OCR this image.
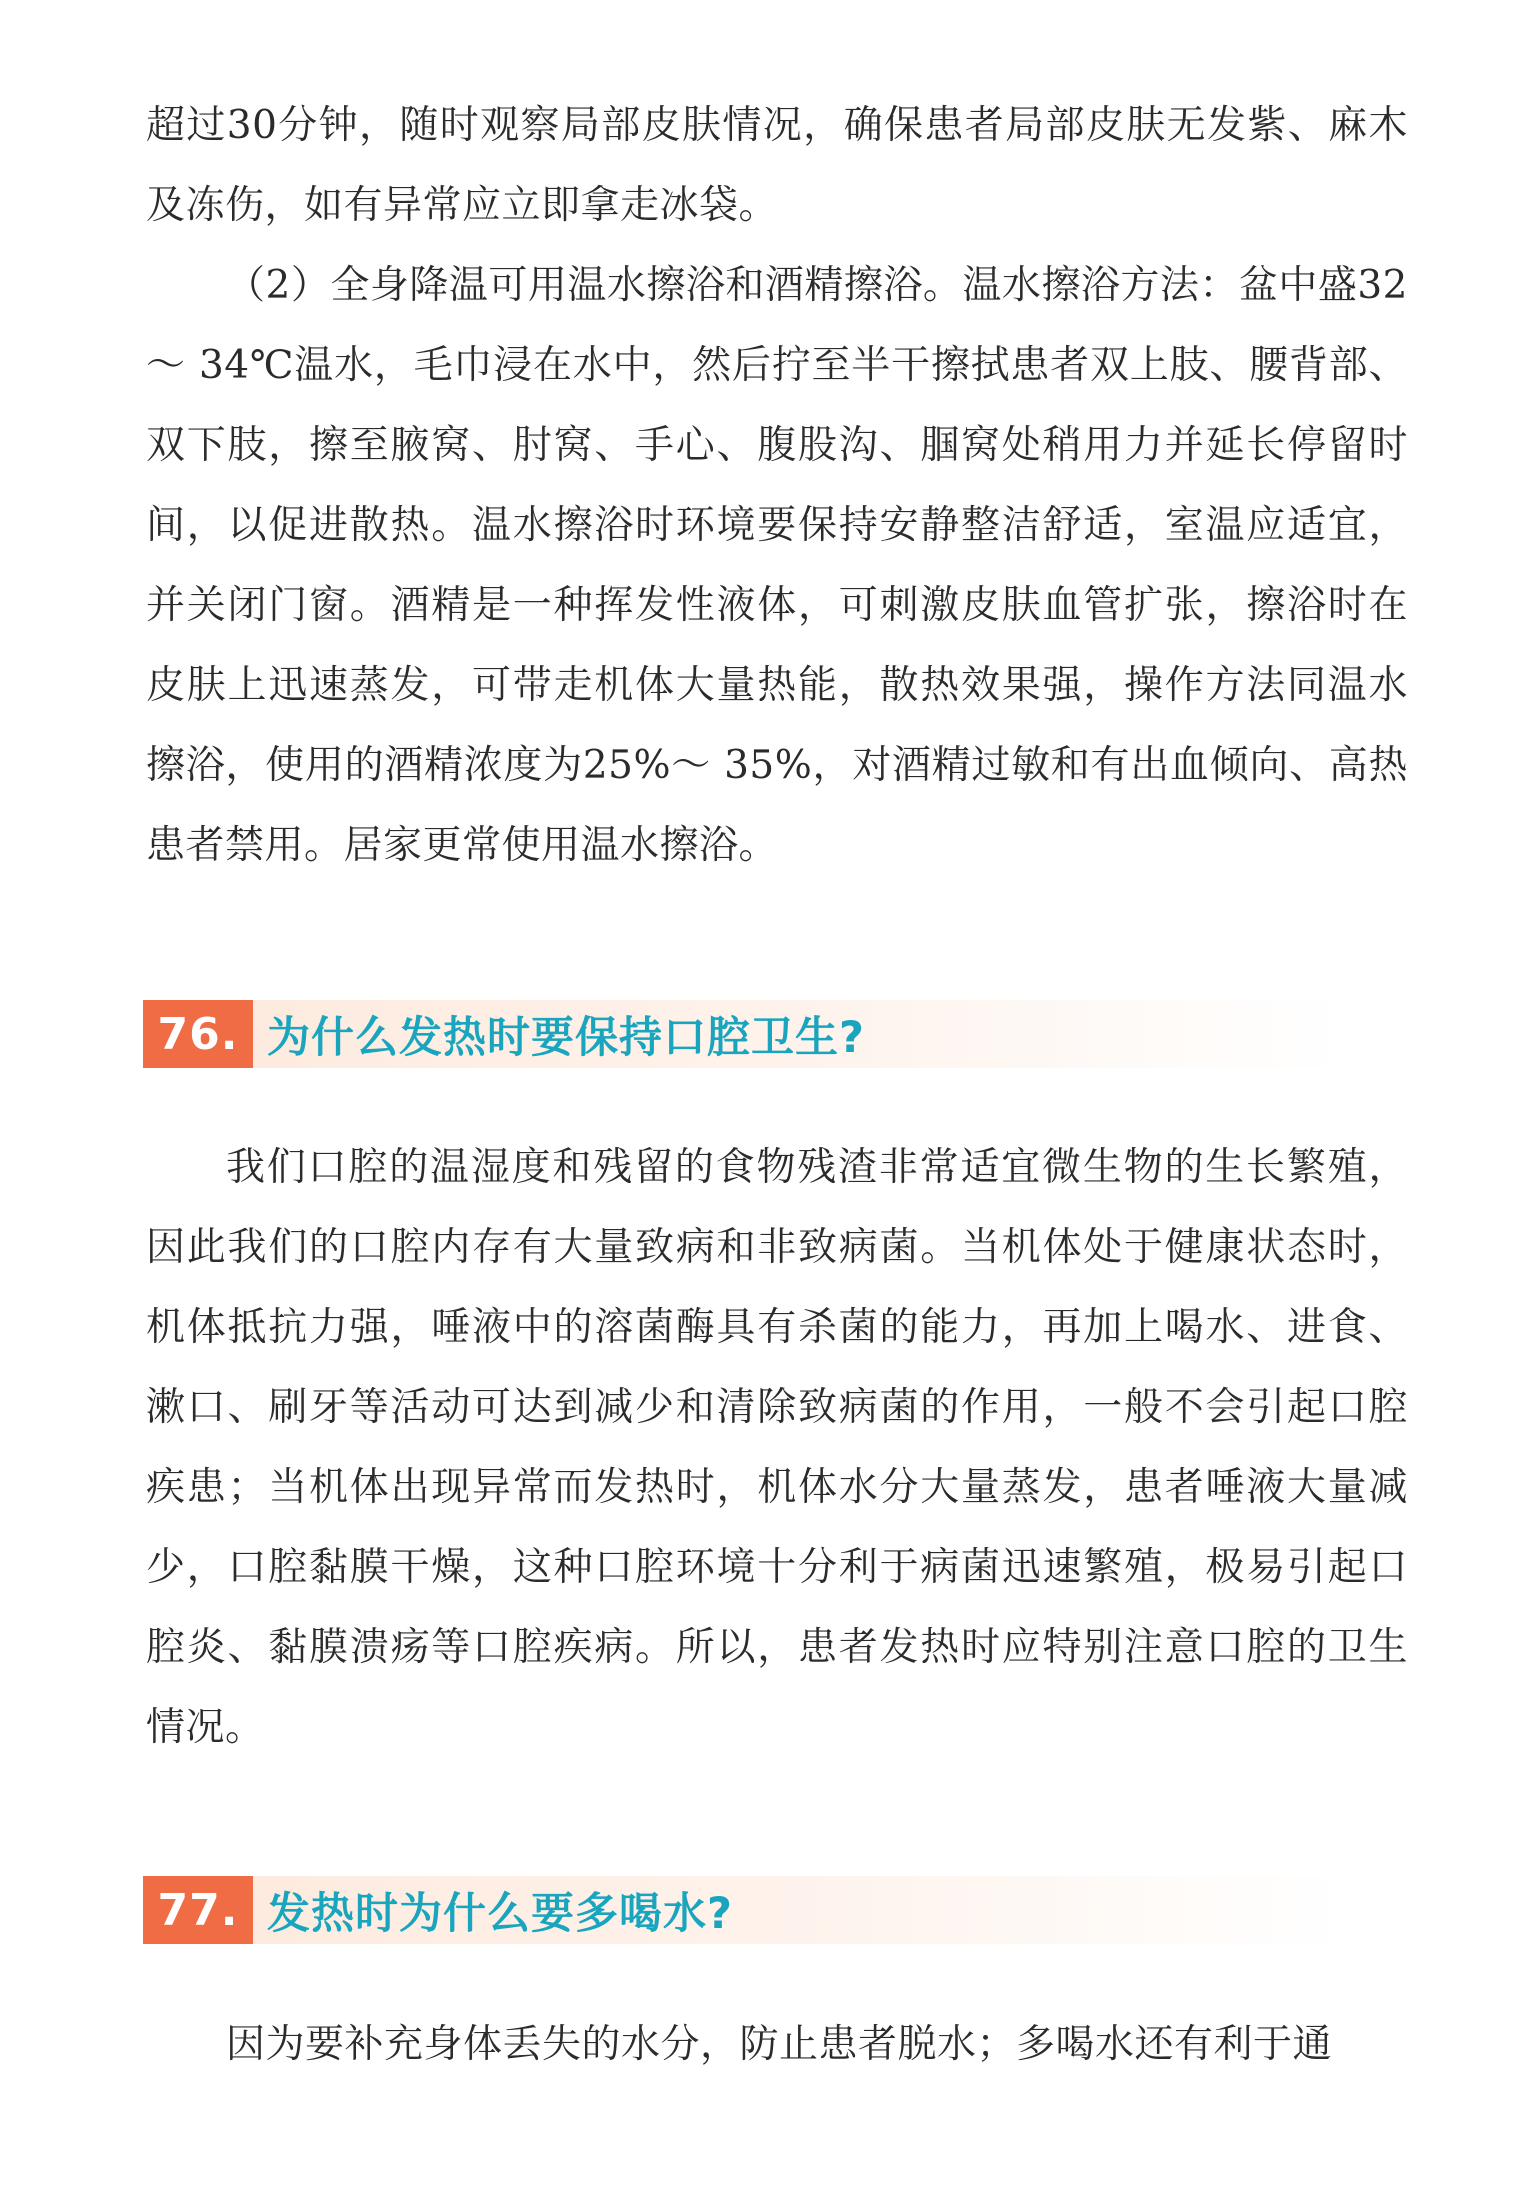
超过30分钟，随时观察局部皮肤情况，确保患者局部皮肤无发紫、麻木及冻伤，如有异常应立即拿走冰袋。

（2）全身降温可用温水擦浴和酒精擦浴。温水擦浴方法：盆中盛32 ～ 34℃温水，毛巾浸在水中，然后拧至半干擦拭患者双上肢、腰背部、双下肢，擦至腋窝、肘窝、手心、腹股沟、腘窝处稍用力并延长停留时间，以促进散热。温水擦浴时环境要保持安静整洁舒适，室温应适宜，并关闭门窗。酒精是一种挥发性液体，可刺激皮肤血管扩张，擦浴时在皮肤上迅速蒸发，可带走机体大量热能，散热效果强，操作方法同温水擦浴，使用的酒精浓度为25%～ 35%，对酒精过敏和有出血倾向、高热患者禁用。居家更常使用温水擦浴。

76. 为什么发热时要保持口腔卫生?

我们口腔的温湿度和残留的食物残渣非常适宜微生物的生长繁殖，因此我们的口腔内存有大量致病和非致病菌。当机体处于健康状态时，机体抵抗力强，唾液中的溶菌酶具有杀菌的能力，再加上喝水、进食、漱口、刷牙等活动可达到减少和清除致病菌的作用，一般不会引起口腔疾患；当机体出现异常而发热时，机体水分大量蒸发，患者唾液大量减少，口腔黏膜干燥，这种口腔环境十分利于病菌迅速繁殖，极易引起口腔炎、黏膜溃疡等口腔疾病。所以，患者发热时应特别注意口腔的卫生情况。

77. 发热时为什么要多喝水?

因为要补充身体丢失的水分，防止患者脱水；多喝水还有利于通
